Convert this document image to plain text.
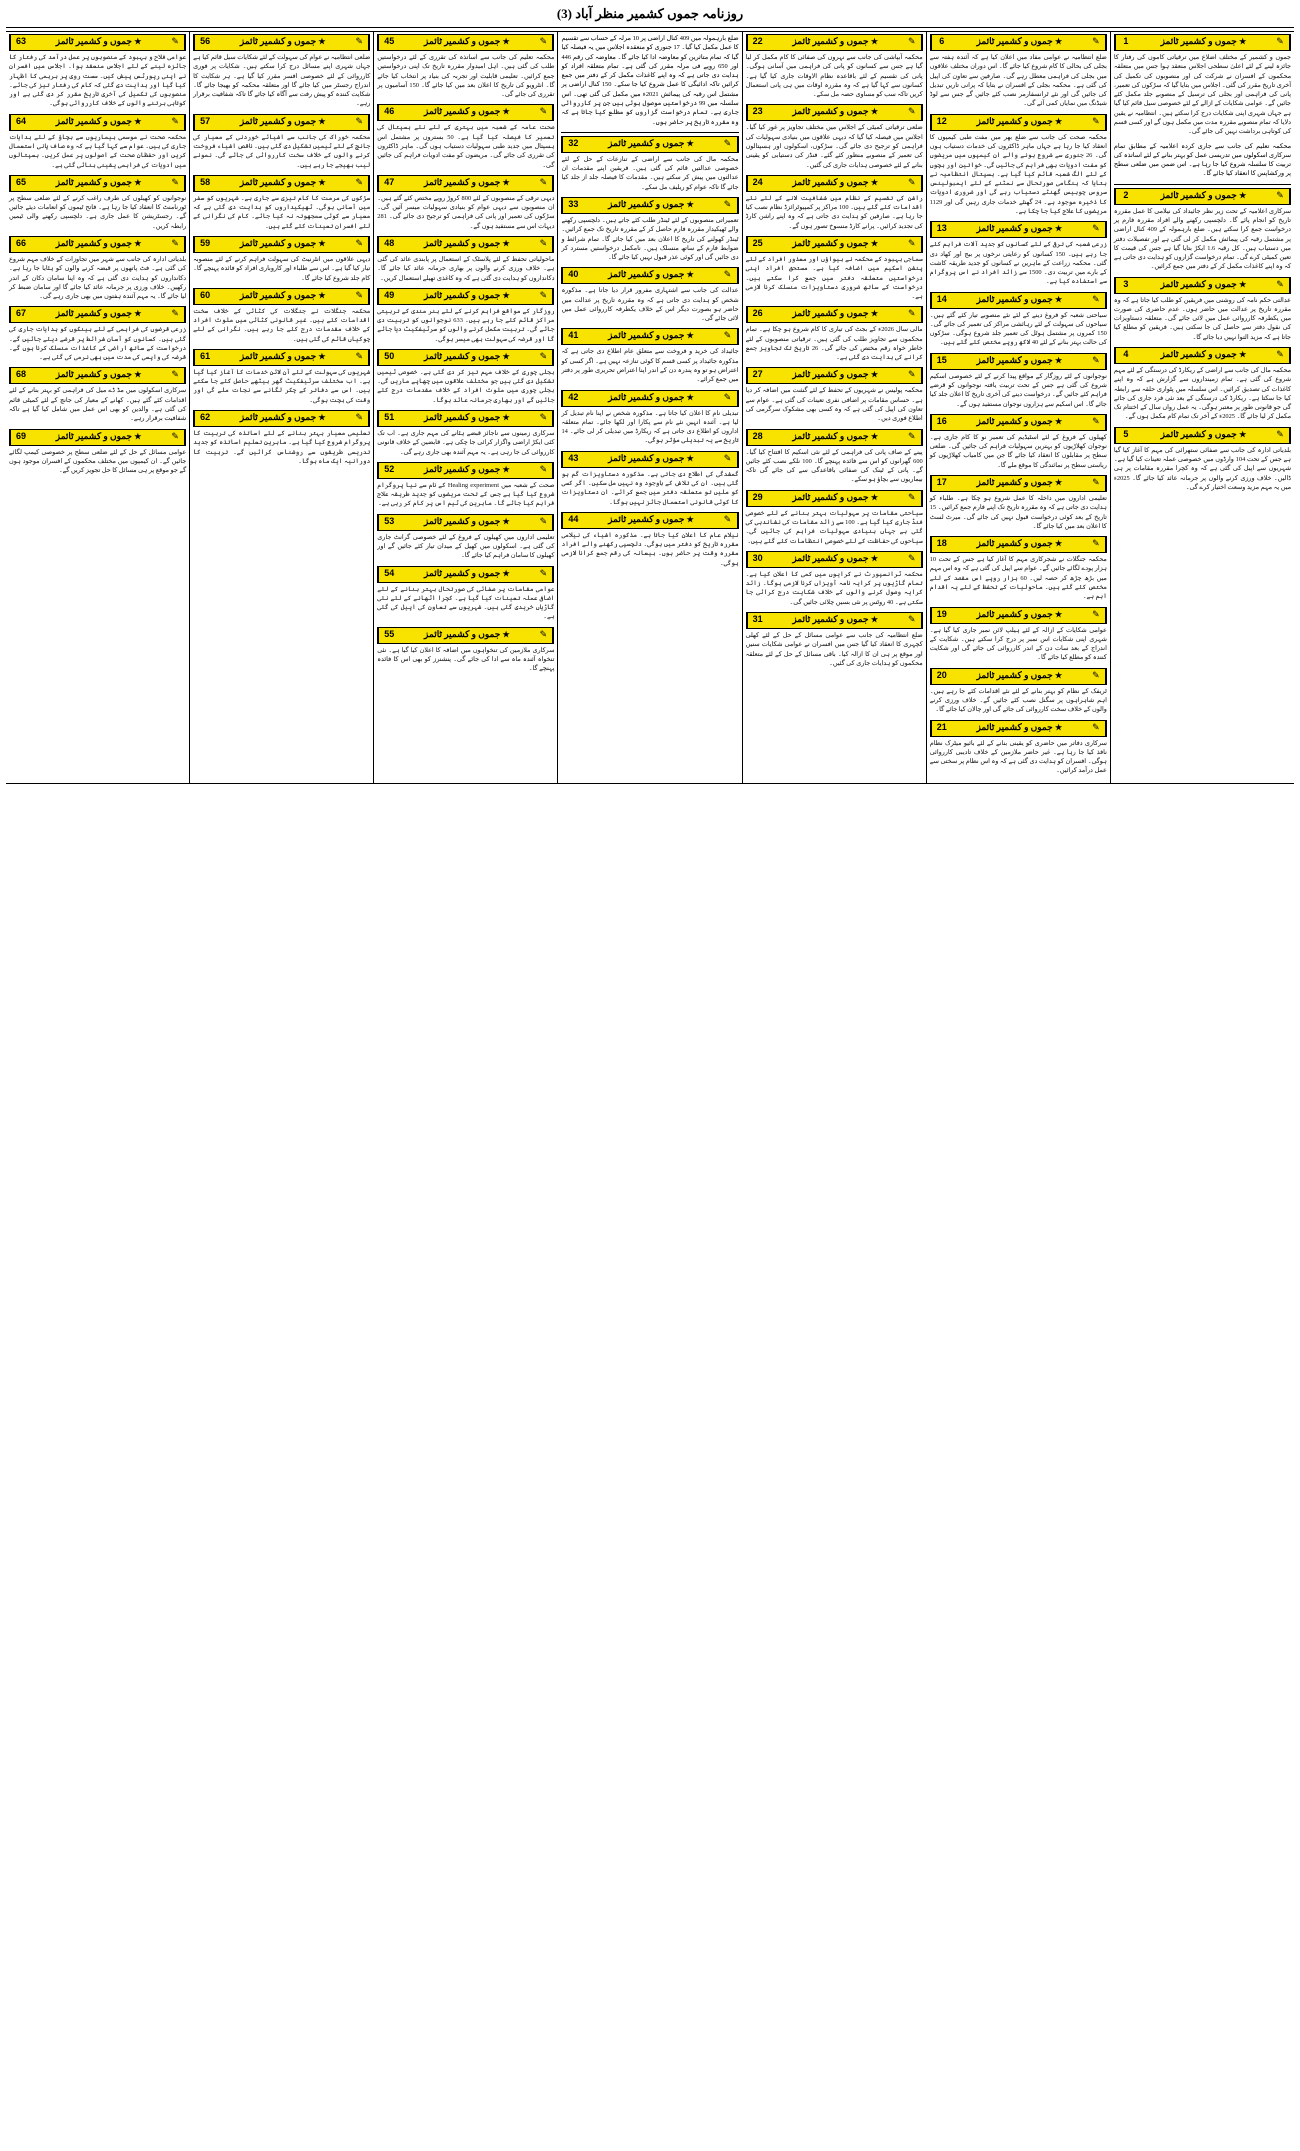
روزنامہ جموں کشمیر منظر آباد (3)
1	★ جموں و کشمیر ٹائمز	✎
جموں و کشمیر کے مختلف اضلاع میں ترقیاتی کاموں کی رفتار کا جائزہ لینے کے لئے اعلیٰ سطحی اجلاس منعقد ہوا جس میں متعلقہ محکموں کے افسران نے شرکت کی اور منصوبوں کی تکمیل کی آخری تاریخ مقرر کی گئی۔ اجلاس میں بتایا گیا کہ سڑکوں کی تعمیر، پانی کی فراہمی اور بجلی کی ترسیل کے منصوبے جلد مکمل کئے جائیں گے۔ عوامی شکایات کے ازالے کے لئے خصوصی سیل قائم کیا گیا ہے جہاں شہری اپنی شکایات درج کرا سکتے ہیں۔ انتظامیہ نے یقین دلایا کہ تمام منصوبے مقررہ مدت میں مکمل ہوں گے اور کسی قسم کی کوتاہی برداشت نہیں کی جائے گی۔
محکمہ تعلیم کی جانب سے جاری کردہ اعلامیہ کے مطابق تمام سرکاری اسکولوں میں تدریسی عمل کو بہتر بنانے کے لئے اساتذہ کی تربیت کا سلسلہ شروع کیا جا رہا ہے۔ اس ضمن میں ضلعی سطح پر ورکشاپس کا انعقاد کیا جائے گا۔
2	★ جموں و کشمیر ٹائمز	✎
سرکاری اعلامیہ کے تحت زیر نظر جائیداد کی نیلامی کا عمل مقررہ تاریخ کو انجام پائے گا۔ دلچسپی رکھنے والے افراد مقررہ فارم پر درخواست جمع کرا سکتے ہیں۔ ضلع بارہمولہ کے 409 کنال اراضی پر مشتمل رقبہ کی پیمائش مکمل کر لی گئی ہے اور تفصیلات دفتر میں دستیاب ہیں۔ کل رقبہ 1.6 ایکڑ بتایا گیا ہے جس کی قیمت کا تعین کمیٹی کرے گی۔ تمام درخواست گزاروں کو ہدایت دی جاتی ہے کہ وہ اپنے کاغذات مکمل کر کے دفتر میں جمع کرائیں۔
3	★ جموں و کشمیر ٹائمز	✎
عدالتی حکم نامہ کی روشنی میں فریقین کو طلب کیا جاتا ہے کہ وہ مقررہ تاریخ پر عدالت میں حاضر ہوں۔ عدم حاضری کی صورت میں یکطرفہ کارروائی عمل میں لائی جائے گی۔ متعلقہ دستاویزات کی نقول دفتر سے حاصل کی جا سکتی ہیں۔ فریقین کو مطلع کیا جاتا ہے کہ مزید التوا نہیں دیا جائے گا۔
4	★ جموں و کشمیر ٹائمز	✎
محکمہ مال کی جانب سے اراضی کے ریکارڈ کی درستگی کے لئے مہم شروع کی گئی ہے۔ تمام زمینداروں سے گزارش ہے کہ وہ اپنے کاغذات کی تصدیق کرائیں۔ اس سلسلہ میں پٹواری حلقہ سے رابطہ کیا جا سکتا ہے۔ ریکارڈ کی درستگی کے بعد نئی فرد جاری کی جائے گی جو قانونی طور پر معتبر ہوگی۔ یہ عمل رواں سال کے اختتام تک مکمل کر لیا جائے گا۔ 2025ء کے آخر تک تمام کام مکمل ہوں گے۔
5	★ جموں و کشمیر ٹائمز	✎
بلدیاتی ادارہ کی جانب سے صفائی ستھرائی کی مہم کا آغاز کیا گیا ہے جس کے تحت 104 وارڈوں میں خصوصی عملہ تعینات کیا گیا ہے۔ شہریوں سے اپیل کی گئی ہے کہ وہ کچرا مقررہ مقامات پر ہی ڈالیں۔ خلاف ورزی کرنے والوں پر جرمانہ عائد کیا جائے گا۔ 2025ء میں یہ مہم مزید وسعت اختیار کرے گی۔
6	★ جموں و کشمیر ٹائمز	✎
ضلع انتظامیہ نے عوامی مفاد میں اعلان کیا ہے کہ آئندہ ہفتہ سے بجلی کی بحالی کا کام شروع کیا جائے گا۔ اس دوران مختلف علاقوں میں بجلی کی فراہمی معطل رہے گی۔ صارفین سے تعاون کی اپیل کی گئی ہے۔ محکمہ بجلی کے افسران نے بتایا کہ پرانی تاریں تبدیل کی جائیں گی اور نئے ٹرانسفارمر نصب کئے جائیں گے جس سے لوڈ شیڈنگ میں نمایاں کمی آئے گی۔
12	★ جموں و کشمیر ٹائمز	✎
محکمہ صحت کی جانب سے ضلع بھر میں مفت طبی کیمپوں کا انعقاد کیا جا رہا ہے جہاں ماہر ڈاکٹروں کی خدمات دستیاب ہوں گی۔ 26 جنوری سے شروع ہونے والے ان کیمپوں میں مریضوں کو مفت ادویات بھی فراہم کی جائیں گی۔ خواتین اور بچوں کے لئے الگ شعبہ قائم کیا گیا ہے۔ ہسپتال انتظامیہ نے بتایا کہ ہنگامی صورتحال سے نمٹنے کے لئے ایمبولینس سروس چوبیس گھنٹے دستیاب رہے گی اور ضروری ادویات کا ذخیرہ موجود ہے۔ 24 گھنٹے خدمات جاری رہیں گی اور 1129 مریضوں کا علاج کیا جا چکا ہے۔
13	★ جموں و کشمیر ٹائمز	✎
زرعی شعبہ کی ترقی کے لئے کسانوں کو جدید آلات فراہم کئے جا رہے ہیں۔ 150 کسانوں کو رعایتی نرخوں پر بیج اور کھاد دی گئی۔ محکمہ زراعت کے ماہرین نے کسانوں کو جدید طریقہ کاشت کے بارے میں تربیت دی۔ 1500 سے زائد افراد نے اس پروگرام سے استفادہ کیا ہے۔
14	★ جموں و کشمیر ٹائمز	✎
سیاحتی شعبہ کو فروغ دینے کے لئے نئے منصوبے تیار کئے گئے ہیں۔ سیاحوں کی سہولت کے لئے رہائشی مراکز کی تعمیر کی جائے گی۔ 150 کمروں پر مشتمل ہوٹل کی تعمیر جلد شروع ہوگی۔ سڑکوں کی حالت بہتر بنانے کے لئے 40 لاکھ روپے مختص کئے گئے ہیں۔
15	★ جموں و کشمیر ٹائمز	✎
نوجوانوں کے لئے روزگار کے مواقع پیدا کرنے کے لئے خصوصی اسکیم شروع کی گئی ہے جس کے تحت تربیت یافتہ نوجوانوں کو قرضے فراہم کئے جائیں گے۔ درخواست دینے کی آخری تاریخ کا اعلان جلد کیا جائے گا۔ اس اسکیم سے ہزاروں نوجوان مستفید ہوں گے۔
16	★ جموں و کشمیر ٹائمز	✎
کھیلوں کے فروغ کے لئے اسٹیڈیم کی تعمیر نو کا کام جاری ہے۔ نوجوان کھلاڑیوں کو بہترین سہولیات فراہم کی جائیں گی۔ ضلعی سطح پر مقابلوں کا انعقاد کیا جائے گا جن میں کامیاب کھلاڑیوں کو ریاستی سطح پر نمائندگی کا موقع ملے گا۔
17	★ جموں و کشمیر ٹائمز	✎
تعلیمی اداروں میں داخلہ کا عمل شروع ہو چکا ہے۔ طلباء کو ہدایت دی جاتی ہے کہ وہ مقررہ تاریخ تک اپنے فارم جمع کرائیں۔ 15 تاریخ کے بعد کوئی درخواست قبول نہیں کی جائے گی۔ میرٹ لسٹ کا اعلان بعد میں کیا جائے گا۔
18	★ جموں و کشمیر ٹائمز	✎
محکمہ جنگلات نے شجرکاری مہم کا آغاز کیا ہے جس کے تحت 10 ہزار پودے لگائے جائیں گے۔ عوام سے اپیل کی گئی ہے کہ وہ اس مہم میں بڑھ چڑھ کر حصہ لیں۔ 60 ہزار روپے اس مقصد کے لئے مختص کئے گئے ہیں۔ ماحولیات کے تحفظ کے لئے یہ اقدام اہم ہے۔
19	★ جموں و کشمیر ٹائمز	✎
عوامی شکایات کے ازالہ کے لئے ہیلپ لائن نمبر جاری کیا گیا ہے۔ شہری اپنی شکایات اس نمبر پر درج کرا سکتے ہیں۔ شکایت کے اندراج کے بعد سات دن کے اندر کارروائی کی جائے گی اور شکایت کنندہ کو مطلع کیا جائے گا۔
20	★ جموں و کشمیر ٹائمز	✎
ٹریفک کے نظام کو بہتر بنانے کے لئے نئے اقدامات کئے جا رہے ہیں۔ اہم شاہراہوں پر سگنل نصب کئے جائیں گے۔ خلاف ورزی کرنے والوں کے خلاف سخت کارروائی کی جائے گی اور چالان کیا جائے گا۔
21	★ جموں و کشمیر ٹائمز	✎
سرکاری دفاتر میں حاضری کو یقینی بنانے کے لئے بائیو میٹرک نظام نافذ کیا جا رہا ہے۔ غیر حاضر ملازمین کے خلاف تادیبی کارروائی ہوگی۔ افسران کو ہدایت دی گئی ہے کہ وہ اس نظام پر سختی سے عمل درآمد کرائیں۔
22	★ جموں و کشمیر ٹائمز	✎
محکمہ آبپاشی کی جانب سے نہروں کی صفائی کا کام مکمل کر لیا گیا ہے جس سے کسانوں کو پانی کی فراہمی میں آسانی ہوگی۔ پانی کی تقسیم کے لئے باقاعدہ نظام الاوقات جاری کیا گیا ہے۔ کسانوں سے کہا گیا ہے کہ وہ مقررہ اوقات میں ہی پانی استعمال کریں تاکہ سب کو مساوی حصہ مل سکے۔
23	★ جموں و کشمیر ٹائمز	✎
ضلعی ترقیاتی کمیٹی کے اجلاس میں مختلف تجاویز پر غور کیا گیا۔ اجلاس میں فیصلہ کیا گیا کہ دیہی علاقوں میں بنیادی سہولیات کی فراہمی کو ترجیح دی جائے گی۔ سڑکوں، اسکولوں اور ہسپتالوں کی تعمیر کے منصوبے منظور کئے گئے۔ فنڈز کی دستیابی کو یقینی بنانے کے لئے خصوصی ہدایات جاری کی گئیں۔
24	★ جموں و کشمیر ٹائمز	✎
راشن کی تقسیم کے نظام میں شفافیت لانے کے لئے نئے اقدامات کئے گئے ہیں۔ 100 مراکز پر کمپیوٹرائزڈ نظام نصب کیا جا رہا ہے۔ صارفین کو ہدایت دی جاتی ہے کہ وہ اپنے راشن کارڈ کی تجدید کرائیں۔ پرانے کارڈ منسوخ تصور ہوں گے۔
25	★ جموں و کشمیر ٹائمز	✎
سماجی بہبود کے محکمہ نے بیواؤں اور معذور افراد کے لئے پنشن اسکیم میں اضافہ کیا ہے۔ مستحق افراد اپنی درخواستیں متعلقہ دفتر میں جمع کرا سکتے ہیں۔ درخواست کے ساتھ ضروری دستاویزات منسلک کرنا لازمی ہے۔
26	★ جموں و کشمیر ٹائمز	✎
مالی سال 2026ء کے بجٹ کی تیاری کا کام شروع ہو چکا ہے۔ تمام محکموں سے تجاویز طلب کی گئی ہیں۔ ترقیاتی منصوبوں کے لئے خاطر خواہ رقم مختص کی جائے گی۔ 26 تاریخ تک تجاویز جمع کرانے کی ہدایت دی گئی ہے۔
27	★ جموں و کشمیر ٹائمز	✎
محکمہ پولیس نے شہریوں کے تحفظ کے لئے گشت میں اضافہ کر دیا ہے۔ حساس مقامات پر اضافی نفری تعینات کی گئی ہے۔ عوام سے تعاون کی اپیل کی گئی ہے کہ وہ کسی بھی مشکوک سرگرمی کی اطلاع فوری دیں۔
28	★ جموں و کشمیر ٹائمز	✎
پینے کے صاف پانی کی فراہمی کے لئے نئی اسکیم کا افتتاح کیا گیا۔ 600 گھرانوں کو اس سے فائدہ پہنچے گا۔ 100 نلکے نصب کئے جائیں گے۔ پانی کے ٹینک کی صفائی باقاعدگی سے کی جائے گی تاکہ بیماریوں سے بچاؤ ہو سکے۔
29	★ جموں و کشمیر ٹائمز	✎
سیاحتی مقامات پر سہولیات بہتر بنانے کے لئے خصوصی فنڈ جاری کیا گیا ہے۔ 100 سے زائد مقامات کی نشاندہی کی گئی ہے جہاں بنیادی سہولیات فراہم کی جائیں گی۔ سیاحوں کی حفاظت کے لئے خصوصی انتظامات کئے گئے ہیں۔
30	★ جموں و کشمیر ٹائمز	✎
محکمہ ٹرانسپورٹ نے کرایوں میں کمی کا اعلان کیا ہے۔ تمام گاڑیوں پر کرایہ نامہ آویزاں کرنا لازمی ہوگا۔ زائد کرایہ وصول کرنے والوں کے خلاف شکایت درج کرائی جا سکتی ہے۔ 40 روٹس پر نئی بسیں چلائی جائیں گی۔
31	★ جموں و کشمیر ٹائمز	✎
ضلع انتظامیہ کی جانب سے عوامی مسائل کے حل کے لئے کھلی کچہری کا انعقاد کیا گیا جس میں افسران نے عوامی شکایات سنیں اور موقع پر ہی ان کا ازالہ کیا۔ باقی مسائل کے حل کے لئے متعلقہ محکموں کو ہدایات جاری کی گئیں۔
ضلع بارہمولہ میں 409 کنال اراضی پر 10 مرلہ کے حساب سے تقسیم کا عمل مکمل کیا گیا۔ 17 جنوری کو منعقدہ اجلاس میں یہ فیصلہ کیا گیا کہ تمام متاثرین کو معاوضہ ادا کیا جائے گا۔ معاوضہ کی رقم 446 اور 650 روپے فی مرلہ مقرر کی گئی ہے۔ تمام متعلقہ افراد کو ہدایت دی جاتی ہے کہ وہ اپنے کاغذات مکمل کر کے دفتر میں جمع کرائیں تاکہ ادائیگی کا عمل شروع کیا جا سکے۔ 150 کنال اراضی پر مشتمل اس رقبہ کی پیمائش 2021ء میں مکمل کی گئی تھی۔ اس سلسلہ میں 99 درخواستیں موصول ہوئی ہیں جن پر کارروائی جاری ہے۔ تمام درخواست گزاروں کو مطلع کیا جاتا ہے کہ وہ مقررہ تاریخ پر حاضر ہوں۔
32	★ جموں و کشمیر ٹائمز	✎
محکمہ مال کی جانب سے اراضی کے تنازعات کے حل کے لئے خصوصی عدالتیں قائم کی گئی ہیں۔ فریقین اپنے مقدمات ان عدالتوں میں پیش کر سکتے ہیں۔ مقدمات کا فیصلہ جلد از جلد کیا جائے گا تاکہ عوام کو ریلیف مل سکے۔
33	★ جموں و کشمیر ٹائمز	✎
تعمیراتی منصوبوں کے لئے ٹینڈر طلب کئے جاتے ہیں۔ دلچسپی رکھنے والے ٹھیکیدار مقررہ فارم حاصل کر کے مقررہ تاریخ تک جمع کرائیں۔ ٹینڈر کھولنے کی تاریخ کا اعلان بعد میں کیا جائے گا۔ تمام شرائط و ضوابط فارم کے ساتھ منسلک ہیں۔ نامکمل درخواستیں مسترد کر دی جائیں گی اور کوئی عذر قبول نہیں کیا جائے گا۔
40	★ جموں و کشمیر ٹائمز	✎
عدالت کی جانب سے اشتہاری مفرور قرار دیا جاتا ہے۔ مذکورہ شخص کو ہدایت دی جاتی ہے کہ وہ مقررہ تاریخ پر عدالت میں حاضر ہو بصورت دیگر اس کے خلاف یکطرفہ کارروائی عمل میں لائی جائے گی۔
41	★ جموں و کشمیر ٹائمز	✎
جائیداد کی خرید و فروخت سے متعلق عام اطلاع دی جاتی ہے کہ مذکورہ جائیداد پر کسی قسم کا کوئی تنازعہ نہیں ہے۔ اگر کسی کو اعتراض ہو تو وہ پندرہ دن کے اندر اپنا اعتراض تحریری طور پر دفتر میں جمع کرائے۔
42	★ جموں و کشمیر ٹائمز	✎
تبدیلی نام کا اعلان کیا جاتا ہے۔ مذکورہ شخص نے اپنا نام تبدیل کر لیا ہے۔ آئندہ انہیں نئے نام سے پکارا اور لکھا جائے۔ تمام متعلقہ اداروں کو اطلاع دی جاتی ہے کہ ریکارڈ میں تبدیلی کر لی جائے۔ 14 تاریخ سے یہ تبدیلی مؤثر ہوگی۔
43	★ جموں و کشمیر ٹائمز	✎
گمشدگی کی اطلاع دی جاتی ہے۔ مذکورہ دستاویزات گم ہو گئی ہیں۔ ان کی تلاش کے باوجود وہ نہیں مل سکیں۔ اگر کسی کو ملیں تو متعلقہ دفتر میں جمع کرائے۔ ان دستاویزات کا کوئی قانونی استعمال جائز نہیں ہوگا۔
44	★ جموں و کشمیر ٹائمز	✎
نیلام عام کا اعلان کیا جاتا ہے۔ مذکورہ اشیاء کی نیلامی مقررہ تاریخ کو دفتر میں ہوگی۔ دلچسپی رکھنے والے افراد مقررہ وقت پر حاضر ہوں۔ بیعانہ کی رقم جمع کرانا لازمی ہوگی۔
45	★ جموں و کشمیر ٹائمز	✎
محکمہ تعلیم کی جانب سے اساتذہ کی تقرری کے لئے درخواستیں طلب کی گئی ہیں۔ اہل امیدوار مقررہ تاریخ تک اپنی درخواستیں جمع کرائیں۔ تعلیمی قابلیت اور تجربہ کی بنیاد پر انتخاب کیا جائے گا۔ انٹرویو کی تاریخ کا اعلان بعد میں کیا جائے گا۔ 150 آسامیوں پر تقرری کی جائے گی۔
46	★ جموں و کشمیر ٹائمز	✎
صحت عامہ کے شعبہ میں بہتری کے لئے نئے ہسپتال کی تعمیر کا فیصلہ کیا گیا ہے۔ 50 بستروں پر مشتمل اس ہسپتال میں جدید طبی سہولیات دستیاب ہوں گی۔ ماہر ڈاکٹروں کی تقرری کی جائے گی۔ مریضوں کو مفت ادویات فراہم کی جائیں گی۔
47	★ جموں و کشمیر ٹائمز	✎
دیہی ترقی کے منصوبوں کے لئے 800 کروڑ روپے مختص کئے گئے ہیں۔ ان منصوبوں سے دیہی عوام کو بنیادی سہولیات میسر آئیں گی۔ سڑکوں کی تعمیر اور پانی کی فراہمی کو ترجیح دی جائے گی۔ 281 دیہات اس سے مستفید ہوں گے۔
48	★ جموں و کشمیر ٹائمز	✎
ماحولیاتی تحفظ کے لئے پلاسٹک کے استعمال پر پابندی عائد کی گئی ہے۔ خلاف ورزی کرنے والوں پر بھاری جرمانہ عائد کیا جائے گا۔ دکانداروں کو ہدایت دی گئی ہے کہ وہ کاغذی تھیلے استعمال کریں۔
49	★ جموں و کشمیر ٹائمز	✎
روزگار کے مواقع فراہم کرنے کے لئے ہنر مندی کے تربیتی مراکز قائم کئے جا رہے ہیں۔ 633 نوجوانوں کو تربیت دی جائے گی۔ تربیت مکمل کرنے والوں کو سرٹیفکیٹ دیا جائے گا اور قرضہ کی سہولت بھی میسر ہوگی۔
50	★ جموں و کشمیر ٹائمز	✎
بجلی چوری کے خلاف مہم تیز کر دی گئی ہے۔ خصوصی ٹیمیں تشکیل دی گئی ہیں جو مختلف علاقوں میں چھاپے ماریں گی۔ بجلی چوری میں ملوث افراد کے خلاف مقدمات درج کئے جائیں گے اور بھاری جرمانہ عائد ہوگا۔
51	★ جموں و کشمیر ٹائمز	✎
سرکاری زمینوں سے ناجائز قبضے ہٹانے کی مہم جاری ہے۔ اب تک کئی ایکڑ اراضی واگزار کرائی جا چکی ہے۔ قابضین کے خلاف قانونی کارروائی کی جا رہی ہے۔ یہ مہم آئندہ بھی جاری رہے گی۔
52	★ جموں و کشمیر ٹائمز	✎
صحت کے شعبہ میں Healing experiment کے نام سے نیا پروگرام شروع کیا گیا ہے جس کے تحت مریضوں کو جدید طریقہ علاج فراہم کیا جائے گا۔ ماہرین کی ٹیم اس پر کام کر رہی ہے۔
53	★ جموں و کشمیر ٹائمز	✎
تعلیمی اداروں میں کھیلوں کے فروغ کے لئے خصوصی گرانٹ جاری کی گئی ہے۔ اسکولوں میں کھیل کے میدان تیار کئے جائیں گے اور کھیلوں کا سامان فراہم کیا جائے گا۔
54	★ جموں و کشمیر ٹائمز	✎
عوامی مقامات پر صفائی کی صورتحال بہتر بنانے کے لئے اضافی عملہ تعینات کیا گیا ہے۔ کچرا اٹھانے کے لئے نئی گاڑیاں خریدی گئی ہیں۔ شہریوں سے تعاون کی اپیل کی گئی ہے۔
55	★ جموں و کشمیر ٹائمز	✎
سرکاری ملازمین کی تنخواہوں میں اضافہ کا اعلان کیا گیا ہے۔ نئی تنخواہ آئندہ ماہ سے ادا کی جائے گی۔ پنشنرز کو بھی اس کا فائدہ پہنچے گا۔
56	★ جموں و کشمیر ٹائمز	✎
ضلعی انتظامیہ نے عوام کی سہولت کے لئے شکایات سیل قائم کیا ہے جہاں شہری اپنے مسائل درج کرا سکتے ہیں۔ شکایات پر فوری کارروائی کے لئے خصوصی افسر مقرر کیا گیا ہے۔ ہر شکایت کا اندراج رجسٹر میں کیا جائے گا اور متعلقہ محکمہ کو بھیجا جائے گا۔ شکایت کنندہ کو پیش رفت سے آگاہ کیا جائے گا تاکہ شفافیت برقرار رہے۔
57	★ جموں و کشمیر ٹائمز	✎
محکمہ خوراک کی جانب سے اشیائے خوردنی کے معیار کی جانچ کے لئے ٹیمیں تشکیل دی گئی ہیں۔ ناقص اشیاء فروخت کرنے والوں کے خلاف سخت کارروائی کی جائے گی۔ نمونے لیب بھیجے جا رہے ہیں۔
58	★ جموں و کشمیر ٹائمز	✎
سڑکوں کی مرمت کا کام تیزی سے جاری ہے۔ شہریوں کو سفر میں آسانی ہوگی۔ ٹھیکیداروں کو ہدایت دی گئی ہے کہ معیار سے کوئی سمجھوتہ نہ کیا جائے۔ کام کی نگرانی کے لئے افسران تعینات کئے گئے ہیں۔
59	★ جموں و کشمیر ٹائمز	✎
دیہی علاقوں میں انٹرنیٹ کی سہولت فراہم کرنے کے لئے منصوبہ تیار کیا گیا ہے۔ اس سے طلباء اور کاروباری افراد کو فائدہ پہنچے گا۔ کام جلد شروع کیا جائے گا۔
60	★ جموں و کشمیر ٹائمز	✎
محکمہ جنگلات نے جنگلات کی کٹائی کے خلاف سخت اقدامات کئے ہیں۔ غیر قانونی کٹائی میں ملوث افراد کے خلاف مقدمات درج کئے جا رہے ہیں۔ نگرانی کے لئے چوکیاں قائم کی گئی ہیں۔
61	★ جموں و کشمیر ٹائمز	✎
شہریوں کی سہولت کے لئے آن لائن خدمات کا آغاز کیا گیا ہے۔ اب مختلف سرٹیفکیٹ گھر بیٹھے حاصل کئے جا سکتے ہیں۔ اس سے دفاتر کے چکر لگانے سے نجات ملے گی اور وقت کی بچت ہوگی۔
62	★ جموں و کشمیر ٹائمز	✎
تعلیمی معیار بہتر بنانے کے لئے اساتذہ کی تربیت کا پروگرام شروع کیا گیا ہے۔ ماہرین تعلیم اساتذہ کو جدید تدریسی طریقوں سے روشناس کرائیں گے۔ تربیت کا دورانیہ ایک ماہ ہوگا۔
63	★ جموں و کشمیر ٹائمز	✎
عوامی فلاح و بہبود کے منصوبوں پر عمل درآمد کی رفتار کا جائزہ لینے کے لئے اجلاس منعقد ہوا۔ اجلاس میں افسران نے اپنی رپورٹس پیش کیں۔ سست روی پر برہمی کا اظہار کیا گیا اور ہدایت دی گئی کہ کام کی رفتار تیز کی جائے۔ منصوبوں کی تکمیل کی آخری تاریخ مقرر کر دی گئی ہے اور کوتاہی برتنے والوں کے خلاف کارروائی ہوگی۔
64	★ جموں و کشمیر ٹائمز	✎
محکمہ صحت نے موسمی بیماریوں سے بچاؤ کے لئے ہدایات جاری کی ہیں۔ عوام سے کہا گیا ہے کہ وہ صاف پانی استعمال کریں اور حفظان صحت کے اصولوں پر عمل کریں۔ ہسپتالوں میں ادویات کی فراہمی یقینی بنائی گئی ہے۔
65	★ جموں و کشمیر ٹائمز	✎
نوجوانوں کو کھیلوں کی طرف راغب کرنے کے لئے ضلعی سطح پر ٹورنامنٹ کا انعقاد کیا جا رہا ہے۔ فاتح ٹیموں کو انعامات دیئے جائیں گے۔ رجسٹریشن کا عمل جاری ہے۔ دلچسپی رکھنے والی ٹیمیں رابطہ کریں۔
66	★ جموں و کشمیر ٹائمز	✎
بلدیاتی ادارہ کی جانب سے شہر میں تجاوزات کے خلاف مہم شروع کی گئی ہے۔ فٹ پاتھوں پر قبضہ کرنے والوں کو ہٹایا جا رہا ہے۔ دکانداروں کو ہدایت دی گئی ہے کہ وہ اپنا سامان دکان کے اندر رکھیں۔ خلاف ورزی پر جرمانہ عائد کیا جائے گا اور سامان ضبط کر لیا جائے گا۔ یہ مہم آئندہ ہفتوں میں بھی جاری رہے گی۔
67	★ جموں و کشمیر ٹائمز	✎
زرعی قرضوں کی فراہمی کے لئے بینکوں کو ہدایات جاری کی گئی ہیں۔ کسانوں کو آسان شرائط پر قرضے دیئے جائیں گے۔ درخواست کے ساتھ اراضی کے کاغذات منسلک کرنا ہوں گے۔ قرضہ کی واپسی کی مدت میں بھی نرمی کی گئی ہے۔
68	★ جموں و کشمیر ٹائمز	✎
سرکاری اسکولوں میں مڈ ڈے میل کی فراہمی کو بہتر بنانے کے لئے اقدامات کئے گئے ہیں۔ کھانے کے معیار کی جانچ کے لئے کمیٹی قائم کی گئی ہے۔ والدین کو بھی اس عمل میں شامل کیا گیا ہے تاکہ شفافیت برقرار رہے۔
69	★ جموں و کشمیر ٹائمز	✎
عوامی مسائل کے حل کے لئے ضلعی سطح پر خصوصی کیمپ لگائے جائیں گے۔ ان کیمپوں میں مختلف محکموں کے افسران موجود ہوں گے جو موقع پر ہی مسائل کا حل تجویز کریں گے۔
